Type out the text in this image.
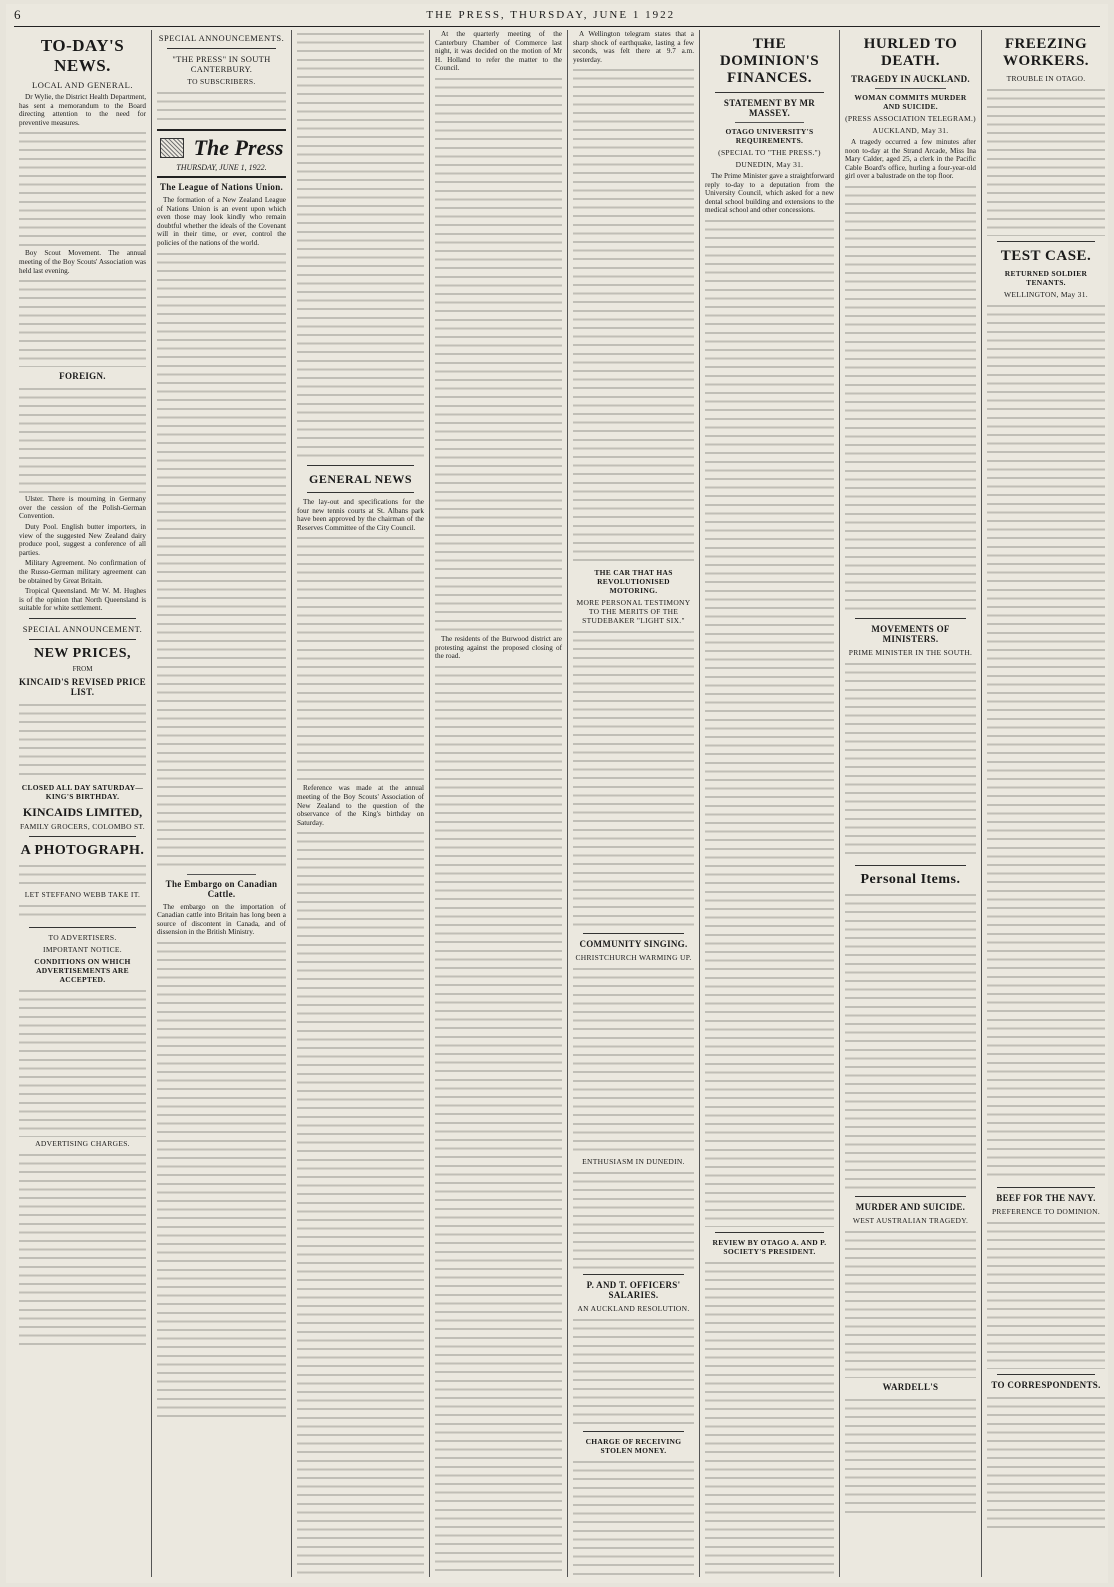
6	THE PRESS, THURSDAY, JUNE 1 1922
TO-DAY'S NEWS.
LOCAL AND GENERAL.

Dr Wylie, the District Health Department, has sent a memorandum to the Board directing attention to the need for preventive measures.

Boy Scout Movement. The annual meeting of the Boy Scouts' Association was held last evening.

FOREIGN.

Ulster. There is mourning in Germany over the cession of the Polish-German Convention.

Duty Pool. English butter importers, in view of the suggested New Zealand dairy produce pool, suggest a conference of all parties.

Military Agreement. No confirmation of the Russo-German military agreement can be obtained by Great Britain.

Tropical Queensland. Mr W. M. Hughes is of the opinion that North Queensland is suitable for white settlement.

SPECIAL ANNOUNCEMENT.
NEW PRICES,
FROM
KINCAID'S REVISED PRICE LIST.
CLOSED ALL DAY SATURDAY—KING'S BIRTHDAY.
KINCAIDS LIMITED,
FAMILY GROCERS, COLOMBO ST.
A PHOTOGRAPH.
LET STEFFANO WEBB TAKE IT.
TO ADVERTISERS.
IMPORTANT NOTICE.
CONDITIONS ON WHICH ADVERTISEMENTS ARE ACCEPTED.
ADVERTISING CHARGES.
SPECIAL ANNOUNCEMENTS.
"THE PRESS" IN SOUTH CANTERBURY.
TO SUBSCRIBERS.
The Press
THURSDAY, JUNE 1, 1922.
The League of Nations Union.

The formation of a New Zealand League of Nations Union is an event upon which even those may look kindly who remain doubtful whether the ideals of the Covenant will in their time, or ever, control the policies of the nations of the world.

The Embargo on Canadian Cattle.

The embargo on the importation of Canadian cattle into Britain has long been a source of discontent in Canada, and of dissension in the British Ministry.

GENERAL NEWS

The lay-out and specifications for the four new tennis courts at St. Albans park have been approved by the chairman of the Reserves Committee of the City Council.

Reference was made at the annual meeting of the Boy Scouts' Association of New Zealand to the question of the observance of the King's birthday on Saturday.

At the quarterly meeting of the Canterbury Chamber of Commerce last night, it was decided on the motion of Mr H. Holland to refer the matter to the Council.

The residents of the Burwood district are protesting against the proposed closing of the road.

A Wellington telegram states that a sharp shock of earthquake, lasting a few seconds, was felt there at 9.7 a.m. yesterday.

THE CAR THAT HAS REVOLUTIONISED MOTORING.
MORE PERSONAL TESTIMONY TO THE MERITS OF THE STUDEBAKER "LIGHT SIX."
COMMUNITY SINGING.
CHRISTCHURCH WARMING UP.
ENTHUSIASM IN DUNEDIN.
P. AND T. OFFICERS' SALARIES.
AN AUCKLAND RESOLUTION.
CHARGE OF RECEIVING STOLEN MONEY.
THE DOMINION'S FINANCES.
STATEMENT BY MR MASSEY.
OTAGO UNIVERSITY'S REQUIREMENTS.
(SPECIAL TO "THE PRESS.")
DUNEDIN, May 31.

The Prime Minister gave a straightforward reply to-day to a deputation from the University Council, which asked for a new dental school building and extensions to the medical school and other concessions.

REVIEW BY OTAGO A. AND P. SOCIETY'S PRESIDENT.
HURLED TO DEATH.
TRAGEDY IN AUCKLAND.
WOMAN COMMITS MURDER AND SUICIDE.
(PRESS ASSOCIATION TELEGRAM.)
AUCKLAND, May 31.

A tragedy occurred a few minutes after noon to-day at the Strand Arcade, Miss Ina Mary Calder, aged 25, a clerk in the Pacific Cable Board's office, hurling a four-year-old girl over a balustrade on the top floor.

MOVEMENTS OF MINISTERS.
PRIME MINISTER IN THE SOUTH.
Personal Items.
MURDER AND SUICIDE.
WEST AUSTRALIAN TRAGEDY.
WARDELL'S
FREEZING WORKERS.
TROUBLE IN OTAGO.
TEST CASE.
RETURNED SOLDIER TENANTS.
WELLINGTON, May 31.
BEEF FOR THE NAVY.
PREFERENCE TO DOMINION.
TO CORRESPONDENTS.
